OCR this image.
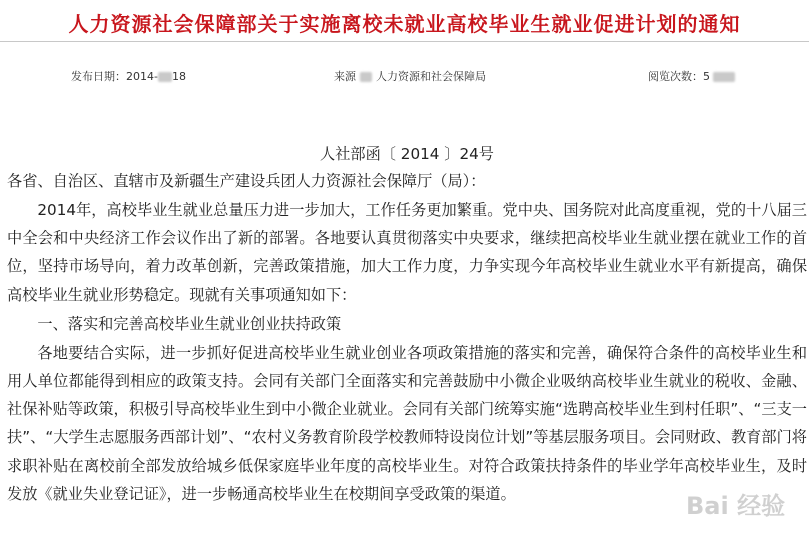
人力资源社会保障部关于实施离校未就业高校毕业生就业促进计划的通知
发布日期：2014- 18	来源 人力资源和社会保障局	阅览次数：5

人社部函〔 2014 〕24号

各省、自治区、直辖市及新疆生产建设兵团人力资源社会保障厅（局）：

2014年，高校毕业生就业总量压力进一步加大，工作任务更加繁重。党中央、国务院对此高度重视，党的十八届三中全会和中央经济工作会议作出了新的部署。各地要认真贯彻落实中央要求，继续把高校毕业生就业摆在就业工作的首位，坚持市场导向，着力改革创新，完善政策措施，加大工作力度，力争实现今年高校毕业生就业水平有新提高，确保高校毕业生就业形势稳定。现就有关事项通知如下：

一、落实和完善高校毕业生就业创业扶持政策

各地要结合实际，进一步抓好促进高校毕业生就业创业各项政策措施的落实和完善，确保符合条件的高校毕业生和用人单位都能得到相应的政策支持。会同有关部门全面落实和完善鼓励中小微企业吸纳高校毕业生就业的税收、金融、社保补贴等政策，积极引导高校毕业生到中小微企业就业。会同有关部门统筹实施“选聘高校毕业生到村任职”、“三支一扶”、“大学生志愿服务西部计划”、“农村义务教育阶段学校教师特设岗位计划”等基层服务项目。会同财政、教育部门将求职补贴在离校前全部发放给城乡低保家庭毕业年度的高校毕业生。对符合政策扶持条件的毕业学年高校毕业生，及时发放《就业失业登记证》，进一步畅通高校毕业生在校期间享受政策的渠道。	Bai 经验
